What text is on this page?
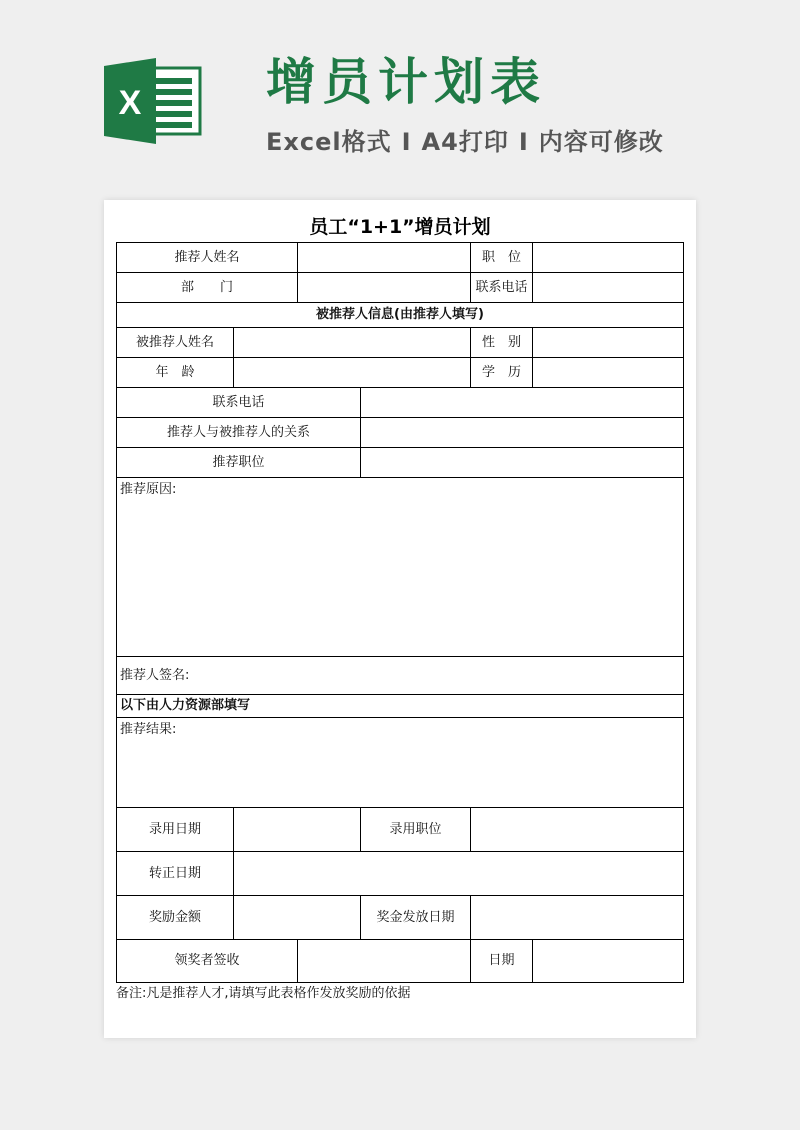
X 增员计划表
Excel格式 I A4打印 I 内容可修改
员工“1+1”增员计划
推荐人姓名	职　位
部　　门	联系电话
被推荐人信息(由推荐人填写)
被推荐人姓名	性　别
年　龄	学　历
联系电话
推荐人与被推荐人的关系
推荐职位
推荐原因:
推荐人签名:
以下由人力资源部填写
推荐结果:
录用日期	录用职位
转正日期
奖励金额	奖金发放日期
领奖者签收	日期
备注:凡是推荐人才,请填写此表格作发放奖励的依据
